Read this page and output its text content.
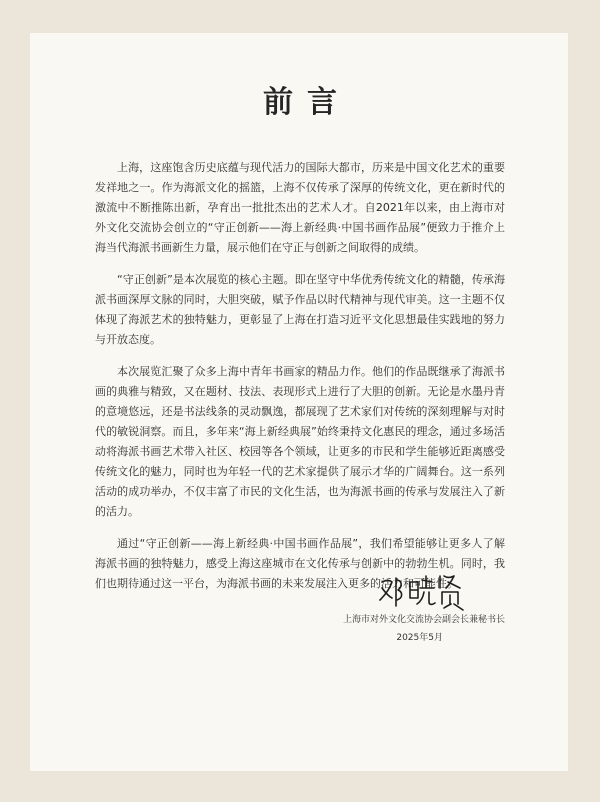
前言

上海，这座饱含历史底蕴与现代活力的国际大都市，历来是中国文化艺术的重要发祥地之一。作为海派文化的摇篮，上海不仅传承了深厚的传统文化，更在新时代的激流中不断推陈出新，孕育出一批批杰出的艺术人才。自2021年以来，由上海市对外文化交流协会创立的“守正创新——海上新经典·中国书画作品展”便致力于推介上海当代海派书画新生力量，展示他们在守正与创新之间取得的成绩。

“守正创新”是本次展览的核心主题。即在坚守中华优秀传统文化的精髓，传承海派书画深厚文脉的同时，大胆突破，赋予作品以时代精神与现代审美。这一主题不仅体现了海派艺术的独特魅力，更彰显了上海在打造习近平文化思想最佳实践地的努力与开放态度。

本次展览汇聚了众多上海中青年书画家的精品力作。他们的作品既继承了海派书画的典雅与精致，又在题材、技法、表现形式上进行了大胆的创新。无论是水墨丹青的意境悠远，还是书法线条的灵动飘逸，都展现了艺术家们对传统的深刻理解与对时代的敏锐洞察。而且，多年来“海上新经典展”始终秉持文化惠民的理念，通过多场活动将海派书画艺术带入社区、校园等各个领域，让更多的市民和学生能够近距离感受传统文化的魅力，同时也为年轻一代的艺术家提供了展示才华的广阔舞台。这一系列活动的成功举办，不仅丰富了市民的文化生活，也为海派书画的传承与发展注入了新的活力。

通过“守正创新——海上新经典·中国书画作品展”，我们希望能够让更多人了解海派书画的独特魅力，感受上海这座城市在文化传承与创新中的勃勃生机。同时，我们也期待通过这一平台，为海派书画的未来发展注入更多的活力和可能性。

上海市对外文化交流协会副会长兼秘书长
2025年5月
